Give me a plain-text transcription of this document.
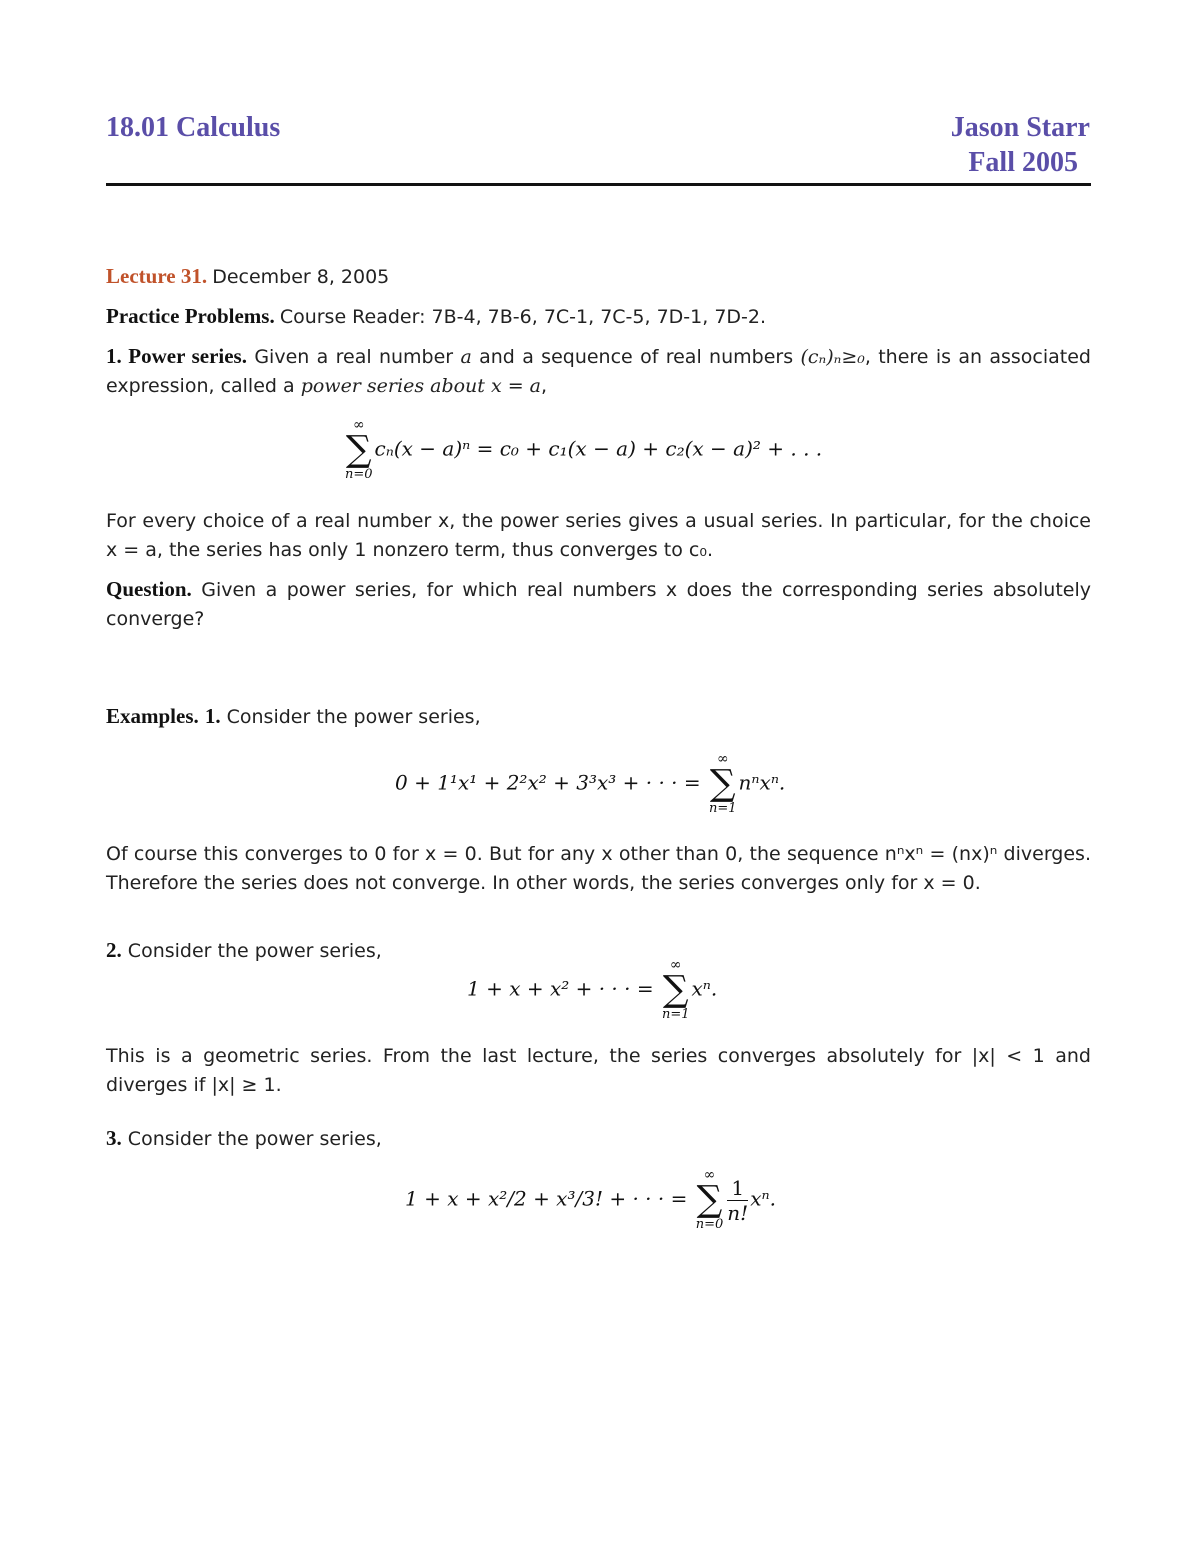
18.01 Calculus	Jason Starr
Fall 2005
Lecture 31. December 8, 2005
Practice Problems. Course Reader: 7B-4, 7B-6, 7C-1, 7C-5, 7D-1, 7D-2.
1. Power series. Given a real number a and a sequence of real numbers (cₙ)ₙ≥₀, there is an associated expression, called a power series about x = a,
∞
∑
n=0
cₙ(x − a)ⁿ = c₀ + c₁(x − a) + c₂(x − a)² + . . .
For every choice of a real number x, the power series gives a usual series. In particular, for the choice x = a, the series has only 1 nonzero term, thus converges to c₀.
Question. Given a power series, for which real numbers x does the corresponding series absolutely converge?
Examples. 1. Consider the power series,
0 + 1¹x¹ + 2²x² + 3³x³ + · · · =
∞
∑
n=1
nⁿxⁿ.
Of course this converges to 0 for x = 0. But for any x other than 0, the sequence nⁿxⁿ = (nx)ⁿ diverges. Therefore the series does not converge. In other words, the series converges only for x = 0.
2. Consider the power series,
1 + x + x² + · · · =
∞
∑
n=1
xⁿ.
This is a geometric series. From the last lecture, the series converges absolutely for |x| < 1 and diverges if |x| ≥ 1.
3. Consider the power series,
1 + x + x²/2 + x³/3! + · · · =
∞
∑
$n=0 \frac{1}{n!} x^n$.
